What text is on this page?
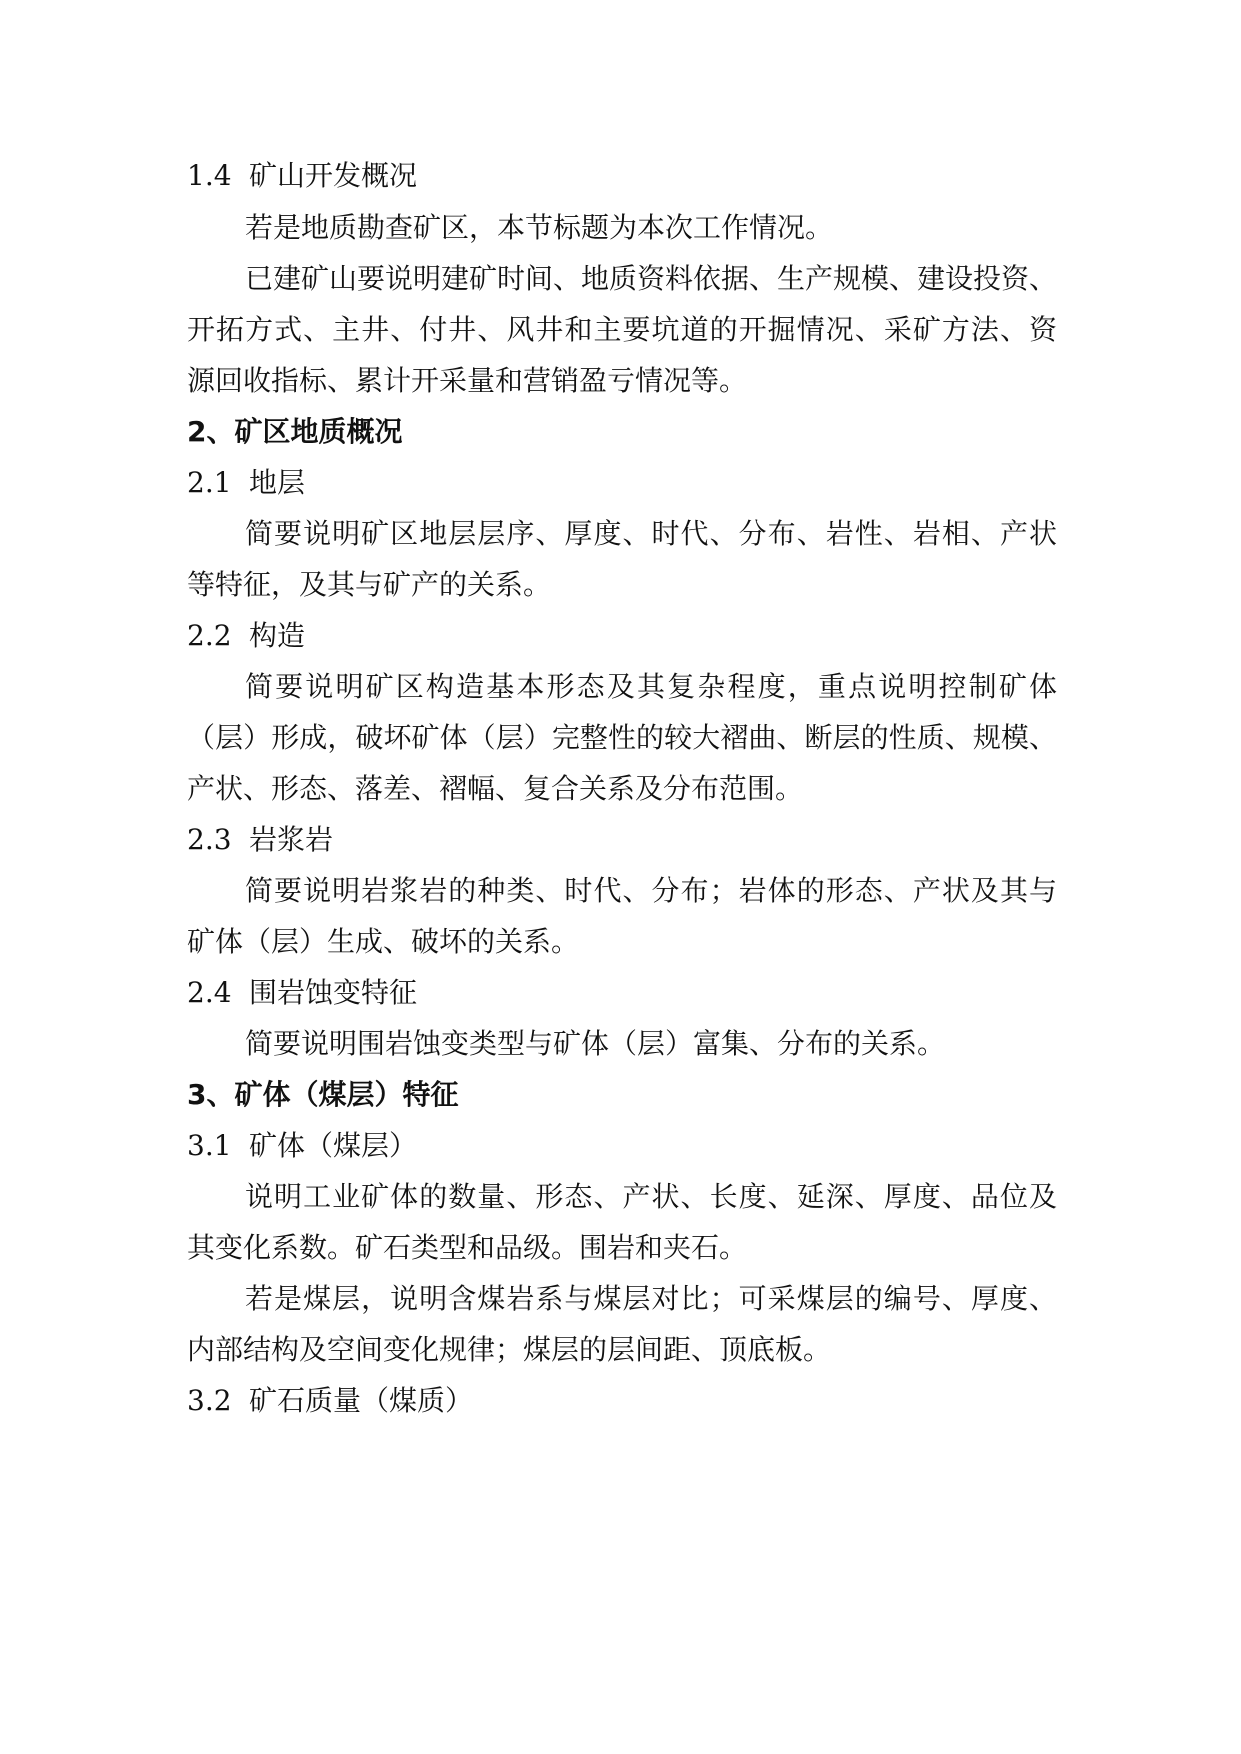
1.4 矿山开发概况
若是地质勘查矿区，本节标题为本次工作情况。
已建矿山要说明建矿时间、地质资料依据、生产规模、建设投资、
开拓方式、主井、付井、风井和主要坑道的开掘情况、采矿方法、资
源回收指标、累计开采量和营销盈亏情况等。
2、矿区地质概况
2.1 地层
简要说明矿区地层层序、厚度、时代、分布、岩性、岩相、产状
等特征，及其与矿产的关系。
2.2 构造
简要说明矿区构造基本形态及其复杂程度，重点说明控制矿体
（层）形成，破坏矿体（层）完整性的较大褶曲、断层的性质、规模、
产状、形态、落差、褶幅、复合关系及分布范围。
2.3 岩浆岩
简要说明岩浆岩的种类、时代、分布；岩体的形态、产状及其与
矿体（层）生成、破坏的关系。
2.4 围岩蚀变特征
简要说明围岩蚀变类型与矿体（层）富集、分布的关系。
3、矿体（煤层）特征
3.1 矿体（煤层）
说明工业矿体的数量、形态、产状、长度、延深、厚度、品位及
其变化系数。矿石类型和品级。围岩和夹石。
若是煤层，说明含煤岩系与煤层对比；可采煤层的编号、厚度、
内部结构及空间变化规律；煤层的层间距、顶底板。
3.2 矿石质量（煤质）
